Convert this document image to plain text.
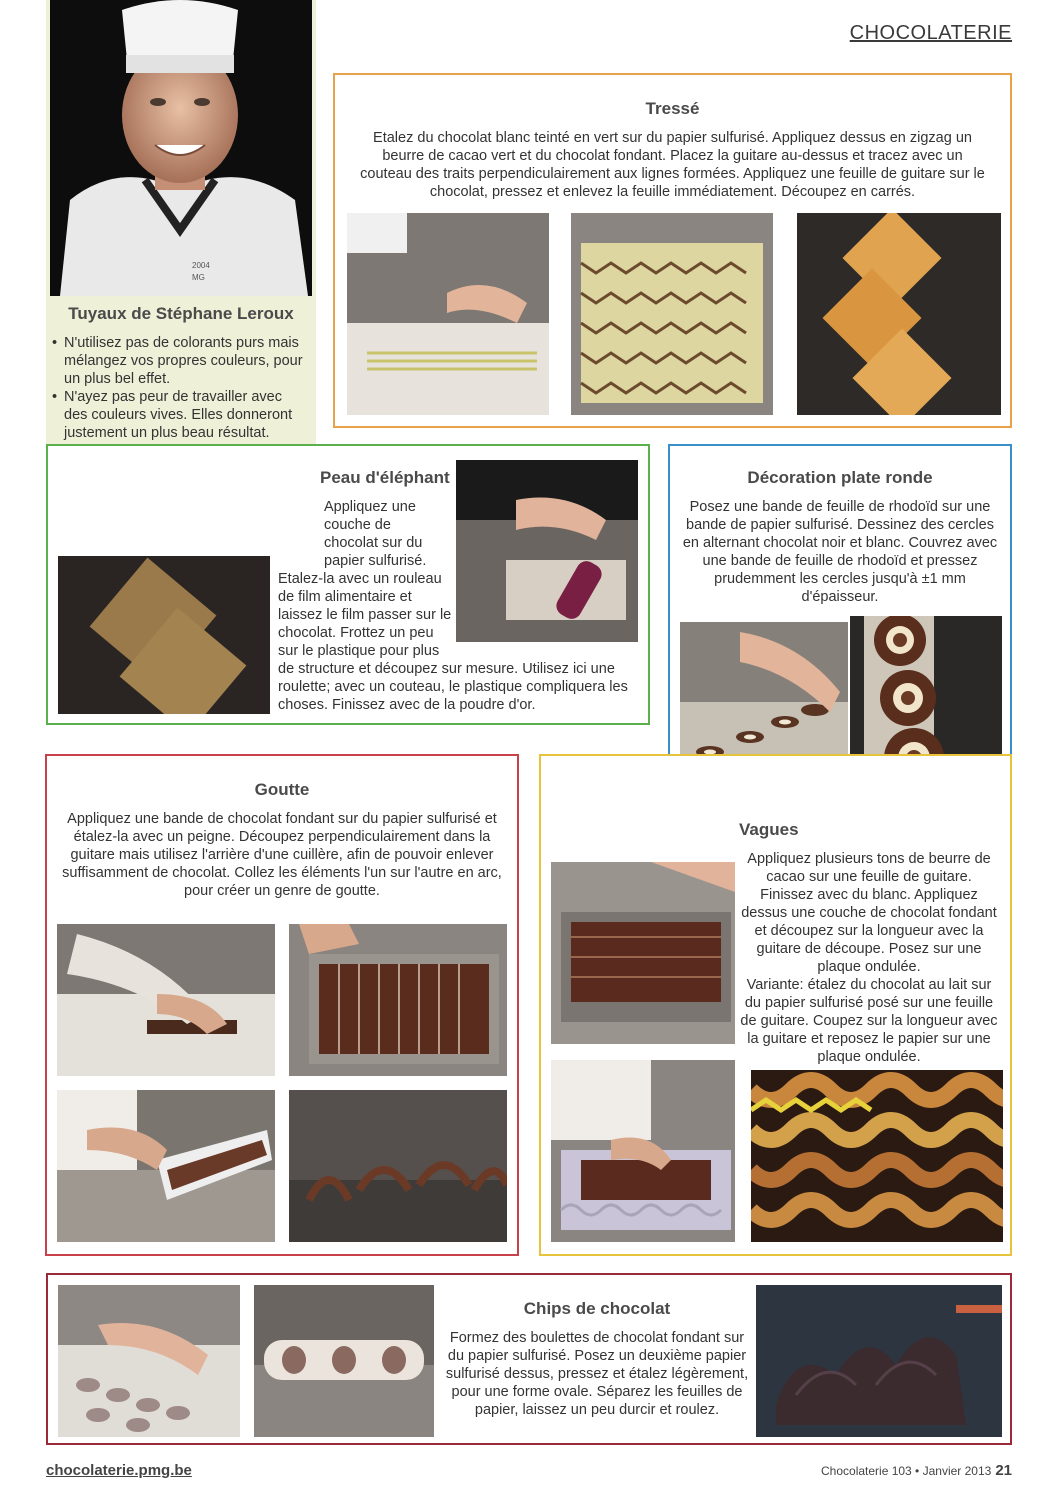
CHOCOLATERIE
2004
MG
Tuyaux de Stéphane Leroux
• N'utilisez pas de colorants purs mais mélangez vos propres couleurs, pour un plus bel effet.
• N'ayez pas peur de travailler avec des couleurs vives. Elles donneront justement un plus beau résultat.
•
•
Tressé
Etalez du chocolat blanc teinté en vert sur du papier sulfurisé. Appliquez dessus en zigzag un beurre de cacao vert et du chocolat fondant. Placez la guitare au-dessus et tracez avec un couteau des traits perpendiculairement aux lignes formées. Appliquez une feuille de guitare sur le chocolat, pressez et enlevez la feuille immédiatement. Découpez en carrés.
Peau d'éléphant
Appliquez une couche de chocolat sur du papier sulfurisé.
Etalez-la avec un rouleau de film alimentaire et laissez le film passer sur le chocolat. Frottez un peu sur le plastique pour plus
de structure et découpez sur mesure. Utilisez ici une roulette; avec un couteau, le plastique compliquera les choses. Finissez avec de la poudre d'or.
Décoration plate ronde
Posez une bande de feuille de rhodoïd sur une bande de papier sulfurisé. Dessinez des cercles en alternant chocolat noir et blanc. Couvrez avec une bande de feuille de rhodoïd et pressez prudemment les cercles jusqu'à ±1 mm d'épaisseur.
Goutte
Appliquez une bande de chocolat fondant sur du papier sulfurisé et étalez-la avec un peigne. Découpez perpendiculairement dans la guitare mais utilisez l'arrière d'une cuillère, afin de pouvoir enlever suffisamment de chocolat. Collez les éléments l'un sur l'autre en arc, pour créer un genre de goutte.
Vagues
Appliquez plusieurs tons de beurre de cacao sur une feuille de guitare. Finissez avec du blanc. Appliquez dessus une couche de chocolat fondant et découpez sur la longueur avec la guitare de découpe. Posez sur une plaque ondulée.
Variante: étalez du chocolat au lait sur du papier sulfurisé posé sur une feuille de guitare. Coupez sur la longueur avec la guitare et reposez le papier sur une plaque ondulée.
Chips de chocolat
Formez des boulettes de chocolat fondant sur du papier sulfurisé. Posez un deuxième papier sulfurisé dessus, pressez et étalez légèrement, pour une forme ovale. Séparez les feuilles de papier, laissez un peu durcir et roulez.
chocolaterie.pmg.be	Chocolaterie 103 • Janvier 2013 21
